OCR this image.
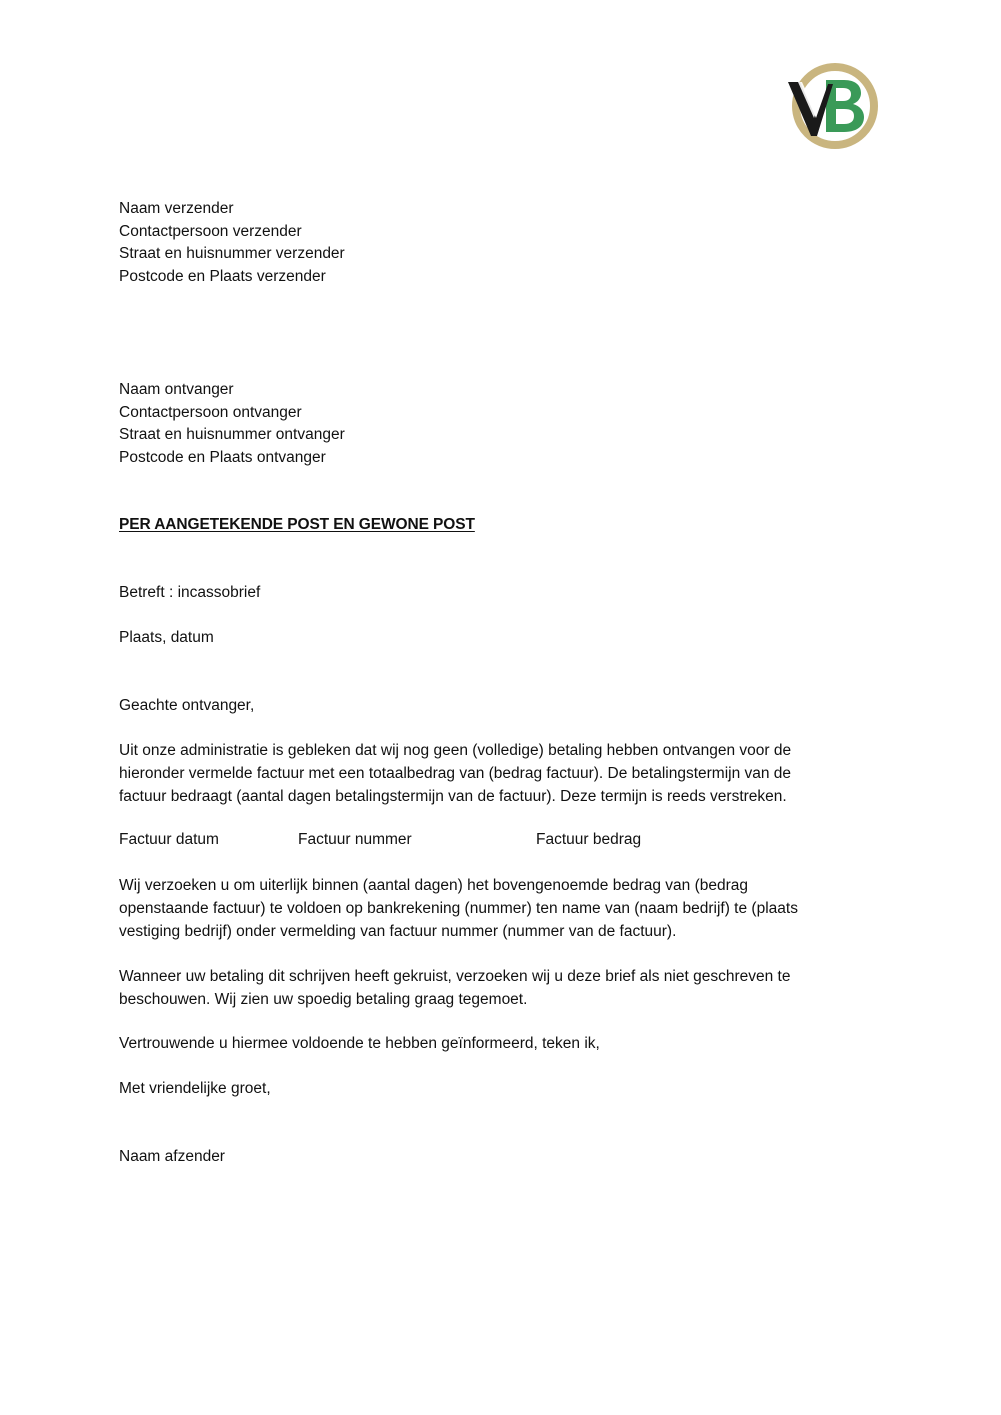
Naam verzender
Contactpersoon verzender
Straat en huisnummer verzender
Postcode en Plaats verzender
Naam ontvanger
Contactpersoon ontvanger
Straat en huisnummer ontvanger
Postcode en Plaats ontvanger
PER AANGETEKENDE POST EN GEWONE POST
Betreft : incassobrief
Plaats, datum
Geachte ontvanger,
Uit onze administratie is gebleken dat wij nog geen (volledige) betaling hebben ontvangen voor de
hieronder vermelde factuur met een totaalbedrag van (bedrag factuur). De betalingstermijn van de
factuur bedraagt (aantal dagen betalingstermijn van de factuur). Deze termijn is reeds verstreken.
Factuur datum	Factuur nummer	Factuur bedrag
Wij verzoeken u om uiterlijk binnen (aantal dagen) het bovengenoemde bedrag van (bedrag
openstaande factuur) te voldoen op bankrekening (nummer) ten name van (naam bedrijf) te (plaats
vestiging bedrijf) onder vermelding van factuur nummer (nummer van de factuur).
Wanneer uw betaling dit schrijven heeft gekruist, verzoeken wij u deze brief als niet geschreven te
beschouwen. Wij zien uw spoedig betaling graag tegemoet.
Vertrouwende u hiermee voldoende te hebben geïnformeerd, teken ik,
Met vriendelijke groet,
Naam afzender
